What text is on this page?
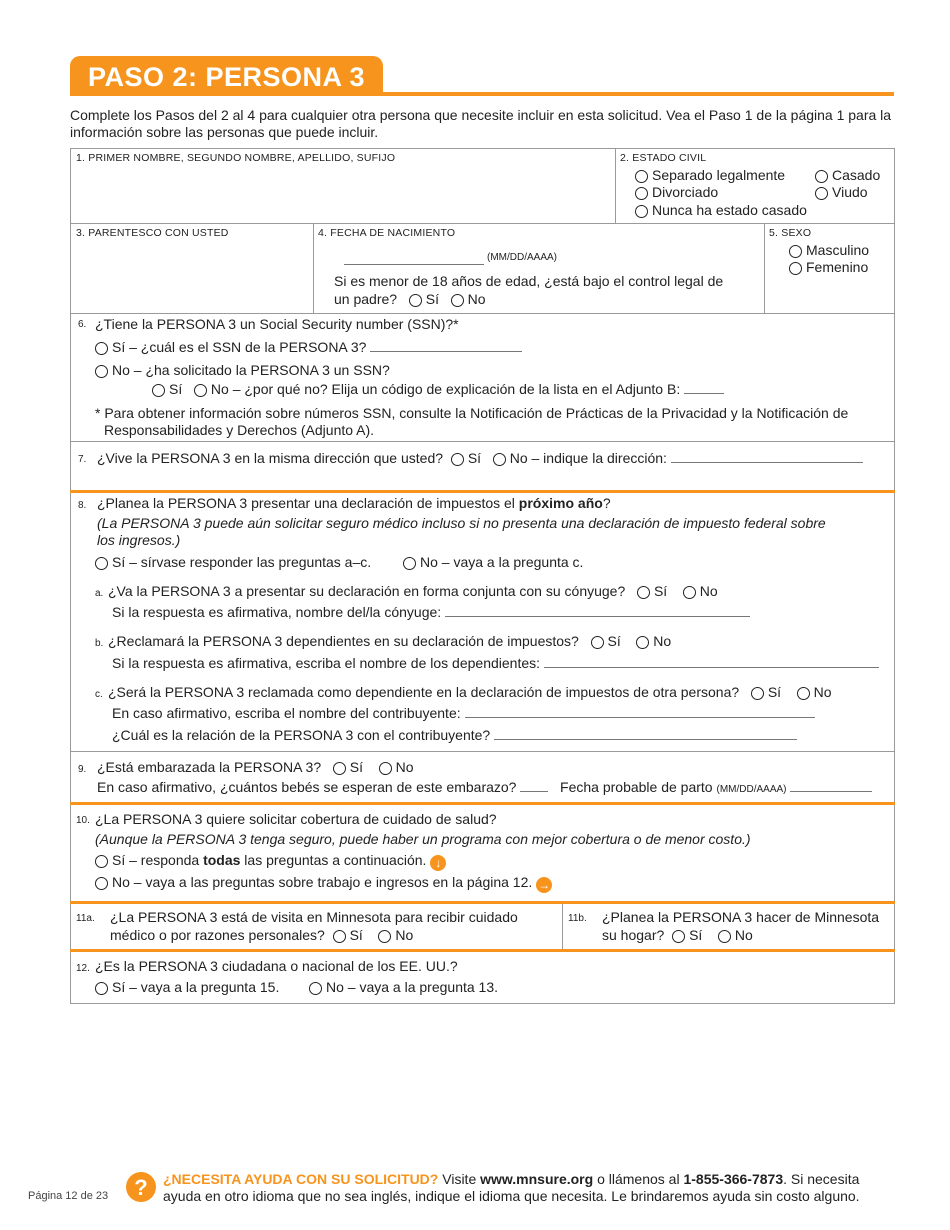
PASO 2: PERSONA 3
Complete los Pasos del 2 al 4 para cualquier otra persona que necesite incluir en esta solicitud. Vea el Paso 1 de la página 1 para la información sobre las personas que puede incluir.
1. PRIMER NOMBRE, SEGUNDO NOMBRE, APELLIDO, SUFIJO	2. ESTADO CIVIL
Separado legalmente	Casado
Divorciado	Viudo
Nunca ha estado casado
3. PARENTESCO CON USTED	4. FECHA DE NACIMIENTO
(MM/DD/AAAA)
Si es menor de 18 años de edad, ¿está bajo el control legal de
un padre? Sí No
5. SEXO
Masculino
Femenino
6. ¿Tiene la PERSONA 3 un Social Security number (SSN)?*
Sí – ¿cuál es el SSN de la PERSONA 3?
No – ¿ha solicitado la PERSONA 3 un SSN?
Sí No – ¿por qué no? Elija un código de explicación de la lista en el Adjunto B:
* Para obtener información sobre números SSN, consulte la Notificación de Prácticas de la Privacidad y la Notificación de
Responsabilidades y Derechos (Adjunto A).
7. ¿Vive la PERSONA 3 en la misma dirección que usted? Sí No – indique la dirección:
8. ¿Planea la PERSONA 3 presentar una declaración de impuestos el próximo año?
(La PERSONA 3 puede aún solicitar seguro médico incluso si no presenta una declaración de impuesto federal sobre
los ingresos.)
Sí – sírvase responder las preguntas a–c.	No – vaya a la pregunta c.
a. ¿Va la PERSONA 3 a presentar su declaración en forma conjunta con su cónyuge? Sí No
Si la respuesta es afirmativa, nombre del/la cónyuge:
b. ¿Reclamará la PERSONA 3 dependientes en su declaración de impuestos? Sí No
Si la respuesta es afirmativa, escriba el nombre de los dependientes:
c. ¿Será la PERSONA 3 reclamada como dependiente en la declaración de impuestos de otra persona? Sí No
En caso afirmativo, escriba el nombre del contribuyente:
¿Cuál es la relación de la PERSONA 3 con el contribuyente?
9. ¿Está embarazada la PERSONA 3? Sí No
En caso afirmativo, ¿cuántos bebés se esperan de este embarazo?	Fecha probable de parto (MM/DD/AAAA)
10. ¿La PERSONA 3 quiere solicitar cobertura de cuidado de salud?
(Aunque la PERSONA 3 tenga seguro, puede haber un programa con mejor cobertura o de menor costo.)
Sí – responda todas las preguntas a continuación. ↓
No – vaya a las preguntas sobre trabajo e ingresos en la página 12. →
11a. ¿La PERSONA 3 está de visita en Minnesota para recibir cuidado
médico o por razones personales? Sí No
11b. ¿Planea la PERSONA 3 hacer de Minnesota
su hogar? Sí No
12. ¿Es la PERSONA 3 ciudadana o nacional de los EE. UU.?
Sí – vaya a la pregunta 15.	No – vaya a la pregunta 13.
Página 12 de 23	?	¿NECESITA AYUDA CON SU SOLICITUD? Visite www.mnsure.org o llámenos al 1-855-366-7873. Si necesita
ayuda en otro idioma que no sea inglés, indique el idioma que necesita. Le brindaremos ayuda sin costo alguno.
